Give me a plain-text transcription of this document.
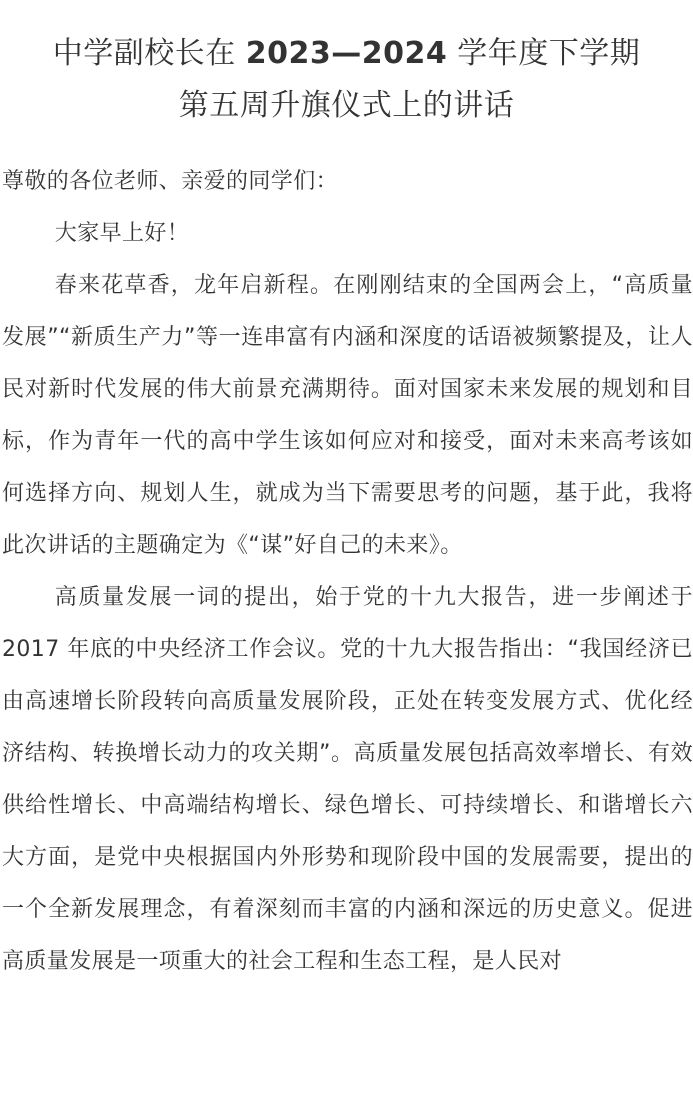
中学副校长在 2023—2024 学年度下学期
第五周升旗仪式上的讲话

尊敬的各位老师、亲爱的同学们：

大家早上好！

春来花草香，龙年启新程。在刚刚结束的全国两会上，“高质量发展”“新质生产力”等一连串富有内涵和深度的话语被频繁提及，让人民对新时代发展的伟大前景充满期待。面对国家未来发展的规划和目标，作为青年一代的高中学生该如何应对和接受，面对未来高考该如何选择方向、规划人生，就成为当下需要思考的问题，基于此，我将此次讲话的主题确定为《“谋”好自己的未来》。

高质量发展一词的提出，始于党的十九大报告，进一步阐述于 2017 年底的中央经济工作会议。党的十九大报告指出：“我国经济已由高速增长阶段转向高质量发展阶段，正处在转变发展方式、优化经济结构、转换增长动力的攻关期”。高质量发展包括高效率增长、有效供给性增长、中高端结构增长、绿色增长、可持续增长、和谐增长六大方面，是党中央根据国内外形势和现阶段中国的发展需要，提出的一个全新发展理念，有着深刻而丰富的内涵和深远的历史意义。促进高质量发展是一项重大的社会工程和生态工程，是人民对
